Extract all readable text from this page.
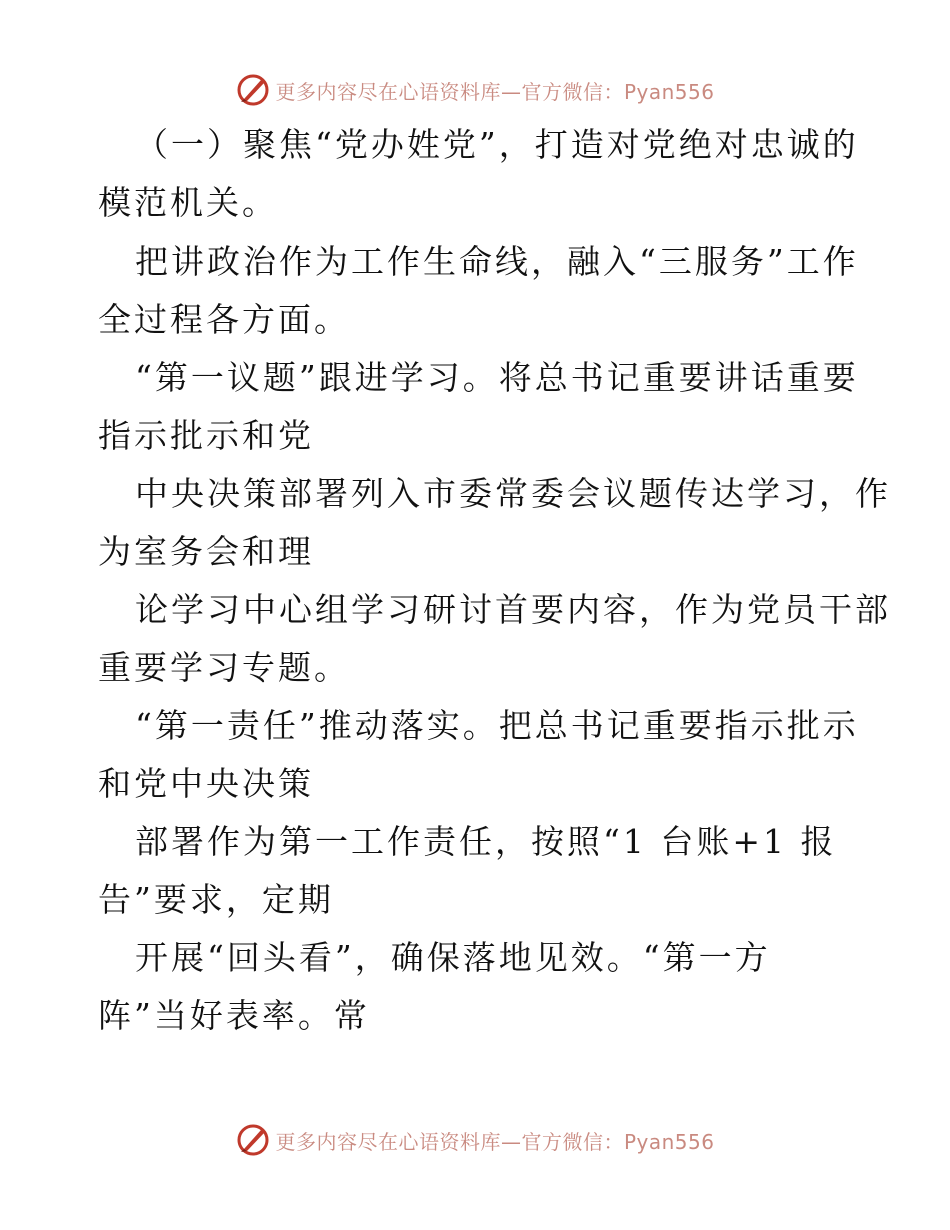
更多内容尽在心语资料库—官方微信：Pyan556
（一）聚焦“党办姓党”，打造对党绝对忠诚的
模范机关。
把讲政治作为工作生命线，融入“三服务”工作
全过程各方面。
“第一议题”跟进学习。将总书记重要讲话重要
指示批示和党
中央决策部署列入市委常委会议题传达学习，作
为室务会和理
论学习中心组学习研讨首要内容，作为党员干部
重要学习专题。
“第一责任”推动落实。把总书记重要指示批示
和党中央决策
部署作为第一工作责任，按照“1 台账+1 报
告”要求，定期
开展“回头看”，确保落地见效。“第一方
阵”当好表率。常
更多内容尽在心语资料库—官方微信：Pyan556
